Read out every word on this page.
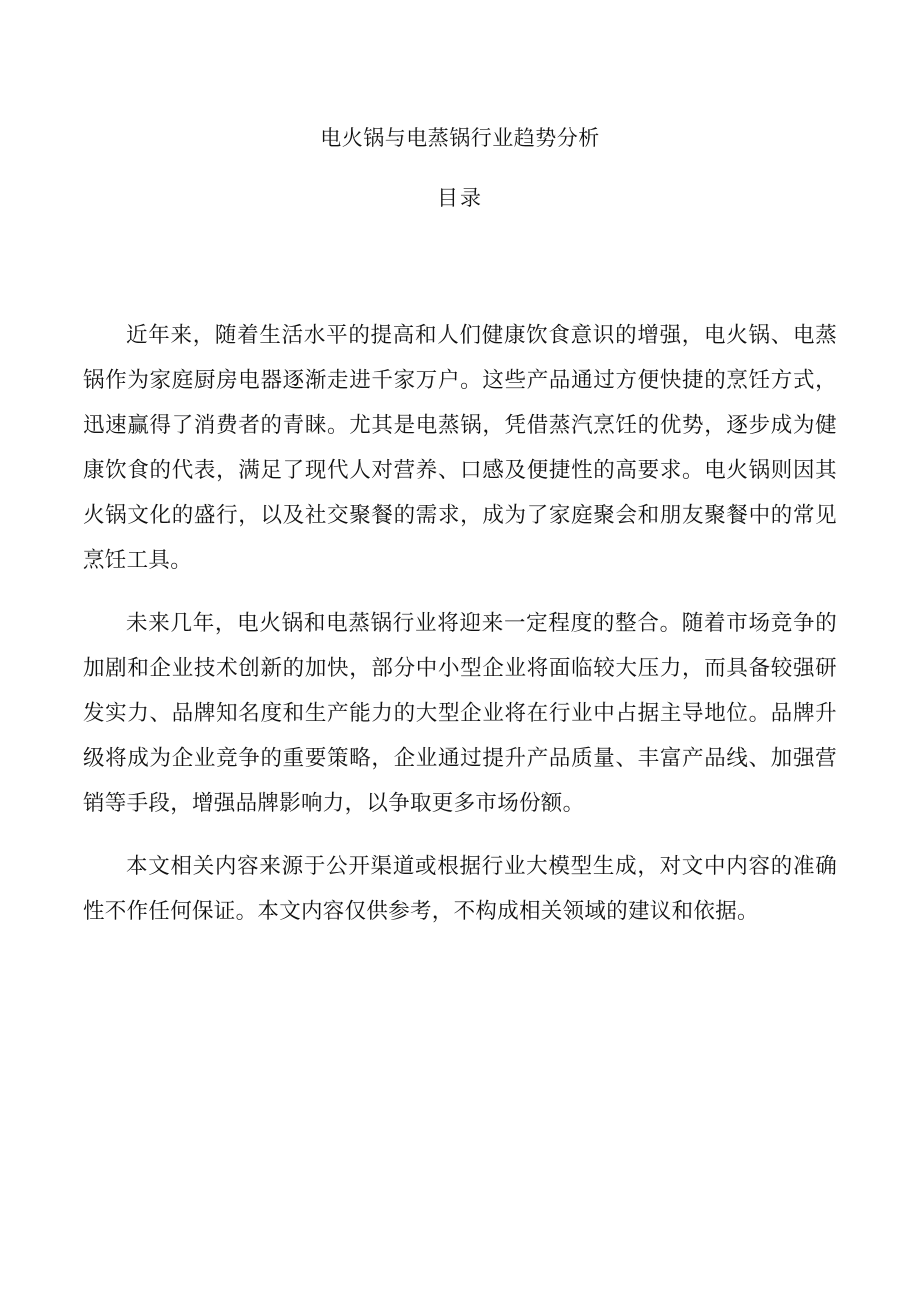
电火锅与电蒸锅行业趋势分析
目录

近年来，随着生活水平的提高和人们健康饮食意识的增强，电火锅、电蒸锅作为家庭厨房电器逐渐走进千家万户。这些产品通过方便快捷的烹饪方式，迅速赢得了消费者的青睐。尤其是电蒸锅，凭借蒸汽烹饪的优势，逐步成为健康饮食的代表，满足了现代人对营养、口感及便捷性的高要求。电火锅则因其火锅文化的盛行，以及社交聚餐的需求，成为了家庭聚会和朋友聚餐中的常见烹饪工具。

未来几年，电火锅和电蒸锅行业将迎来一定程度的整合。随着市场竞争的加剧和企业技术创新的加快，部分中小型企业将面临较大压力，而具备较强研发实力、品牌知名度和生产能力的大型企业将在行业中占据主导地位。品牌升级将成为企业竞争的重要策略，企业通过提升产品质量、丰富产品线、加强营销等手段，增强品牌影响力，以争取更多市场份额。

本文相关内容来源于公开渠道或根据行业大模型生成，对文中内容的准确性不作任何保证。本文内容仅供参考，不构成相关领域的建议和依据。
